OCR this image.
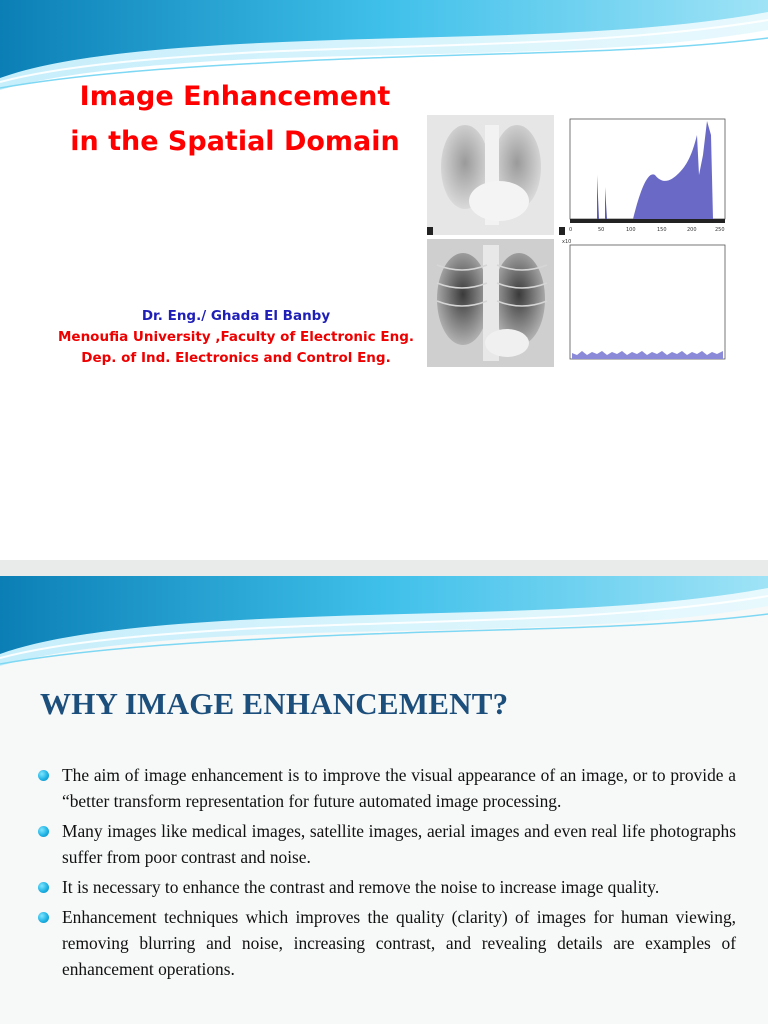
Image Enhancement
in the Spatial Domain
0	50	100	150	200	250
x10
Dr. Eng./ Ghada El Banby
Menoufia University ,Faculty of Electronic Eng.
Dep. of Ind. Electronics and Control Eng.
WHY IMAGE ENHANCEMENT?
The aim of image enhancement is to improve the visual appearance of an image, or to provide a “better transform representation for future automated image processing.
Many images like medical images, satellite images, aerial images and even real life photographs suffer from poor contrast and noise.
It is necessary to enhance the contrast and remove the noise to increase image quality.
Enhancement techniques which improves the quality (clarity) of images for human viewing, removing blurring and noise, increasing contrast, and revealing details are examples of enhancement operations.
